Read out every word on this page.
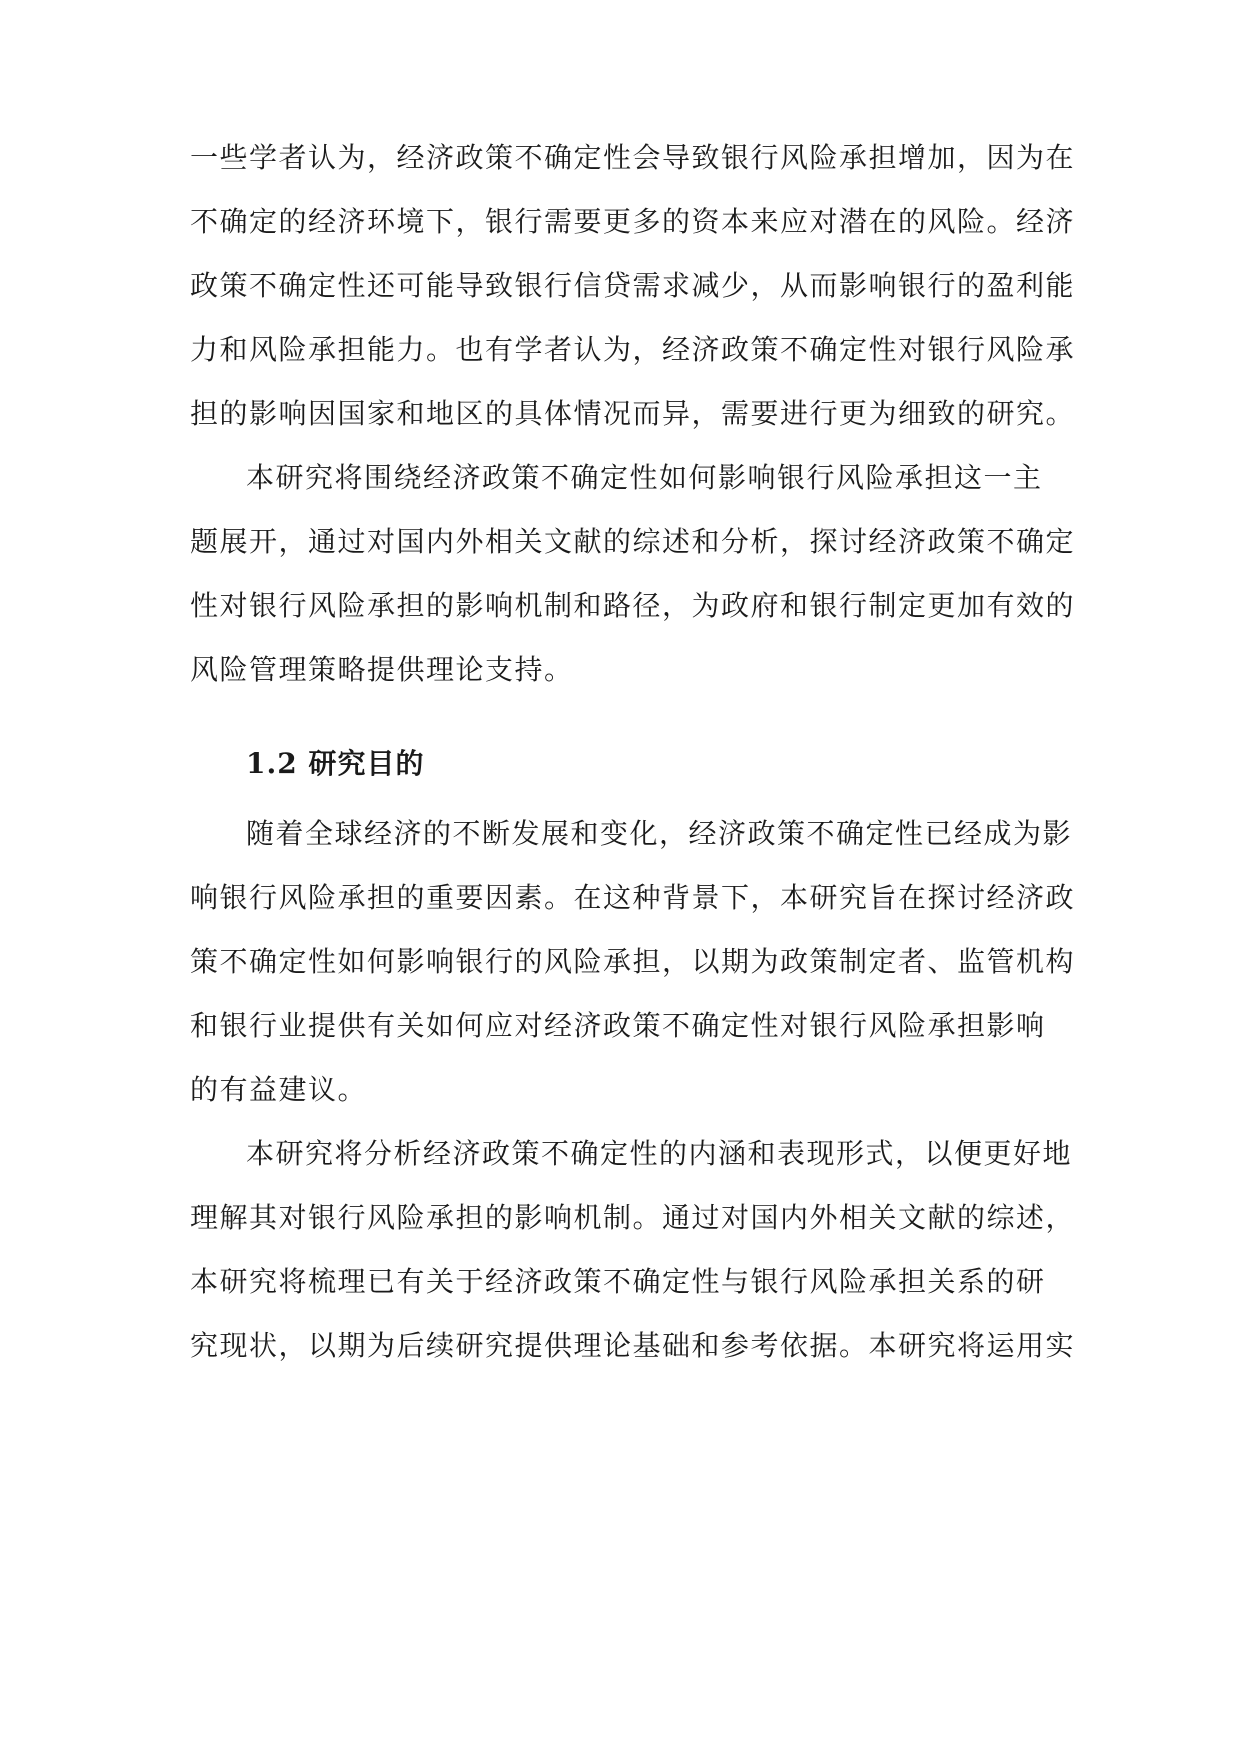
一些学者认为，经济政策不确定性会导致银行风险承担增加，因为在
不确定的经济环境下，银行需要更多的资本来应对潜在的风险。经济
政策不确定性还可能导致银行信贷需求减少，从而影响银行的盈利能
力和风险承担能力。也有学者认为，经济政策不确定性对银行风险承
担的影响因国家和地区的具体情况而异，需要进行更为细致的研究。
本研究将围绕经济政策不确定性如何影响银行风险承担这一主
题展开，通过对国内外相关文献的综述和分析，探讨经济政策不确定
性对银行风险承担的影响机制和路径，为政府和银行制定更加有效的
风险管理策略提供理论支持。
1.2 研究目的
随着全球经济的不断发展和变化，经济政策不确定性已经成为影
响银行风险承担的重要因素。在这种背景下，本研究旨在探讨经济政
策不确定性如何影响银行的风险承担，以期为政策制定者、监管机构
和银行业提供有关如何应对经济政策不确定性对银行风险承担影响
的有益建议。
本研究将分析经济政策不确定性的内涵和表现形式，以便更好地
理解其对银行风险承担的影响机制。通过对国内外相关文献的综述，
本研究将梳理已有关于经济政策不确定性与银行风险承担关系的研
究现状，以期为后续研究提供理论基础和参考依据。本研究将运用实
